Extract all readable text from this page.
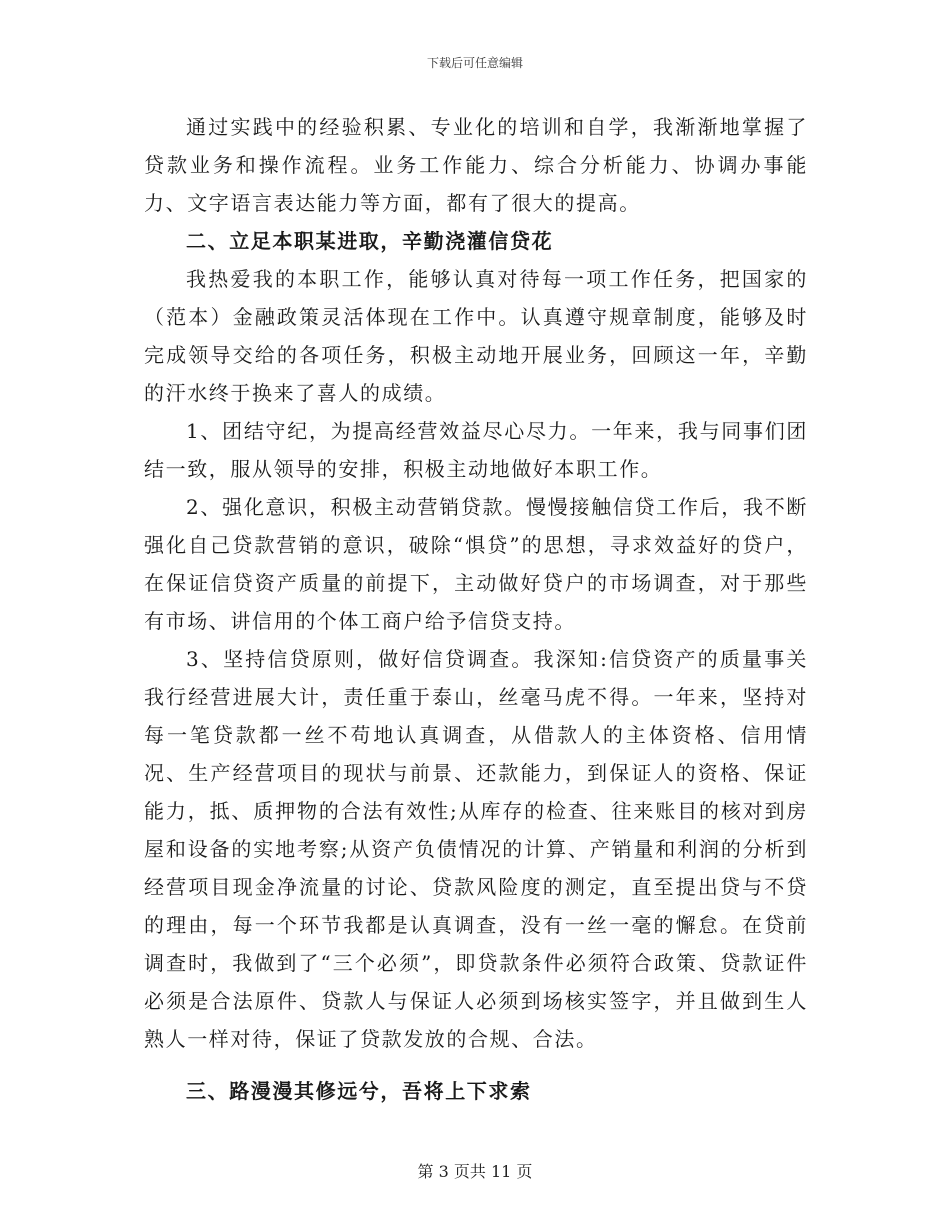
下载后可任意编辑

通过实践中的经验积累、专业化的培训和自学，我渐渐地掌握了贷款业务和操作流程。业务工作能力、综合分析能力、协调办事能力、文字语言表达能力等方面，都有了很大的提高。

二、立足本职某进取，辛勤浇灌信贷花

我热爱我的本职工作，能够认真对待每一项工作任务，把国家的（范本）金融政策灵活体现在工作中。认真遵守规章制度，能够及时完成领导交给的各项任务，积极主动地开展业务，回顾这一年，辛勤的汗水终于换来了喜人的成绩。

1、团结守纪，为提高经营效益尽心尽力。一年来，我与同事们团结一致，服从领导的安排，积极主动地做好本职工作。

2、强化意识，积极主动营销贷款。慢慢接触信贷工作后，我不断强化自己贷款营销的意识，破除“惧贷”的思想，寻求效益好的贷户，在保证信贷资产质量的前提下，主动做好贷户的市场调查，对于那些有市场、讲信用的个体工商户给予信贷支持。

3、坚持信贷原则，做好信贷调查。我深知:信贷资产的质量事关我行经营进展大计，责任重于泰山，丝毫马虎不得。一年来，坚持对每一笔贷款都一丝不苟地认真调查，从借款人的主体资格、信用情况、生产经营项目的现状与前景、还款能力，到保证人的资格、保证能力，抵、质押物的合法有效性;从库存的检查、往来账目的核对到房屋和设备的实地考察;从资产负债情况的计算、产销量和利润的分析到经营项目现金净流量的讨论、贷款风险度的测定，直至提出贷与不贷的理由，每一个环节我都是认真调查，没有一丝一毫的懈怠。在贷前调查时，我做到了“三个必须”，即贷款条件必须符合政策、贷款证件必须是合法原件、贷款人与保证人必须到场核实签字，并且做到生人熟人一样对待，保证了贷款发放的合规、合法。

三、路漫漫其修远兮，吾将上下求索

第 3 页共 11 页
